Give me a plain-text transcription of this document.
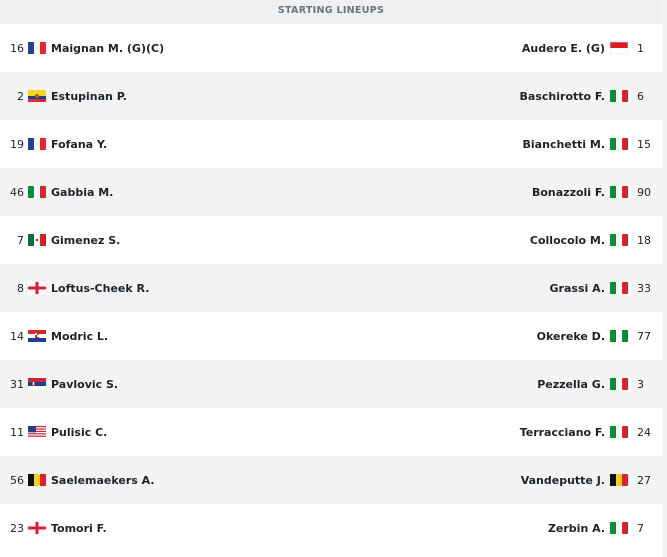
STARTING LINEUPS
16 Maignan M. (G)(C)	Audero E. (G)	1
2 Estupinan P.	Baschirotto F.	6
19 Fofana Y.	Bianchetti M.	15
46 Gabbia M.	Bonazzoli F.	90
7 Gimenez S.	Collocolo M.	18
8 Loftus-Cheek R.	Grassi A.	33
14 Modric L.	Okereke D.	77
31 Pavlovic S.	Pezzella G.	3
11 Pulisic C.	Terracciano F.	24
56 Saelemaekers A.	Vandeputte J.	27
23 Tomori F.	Zerbin A.	7
